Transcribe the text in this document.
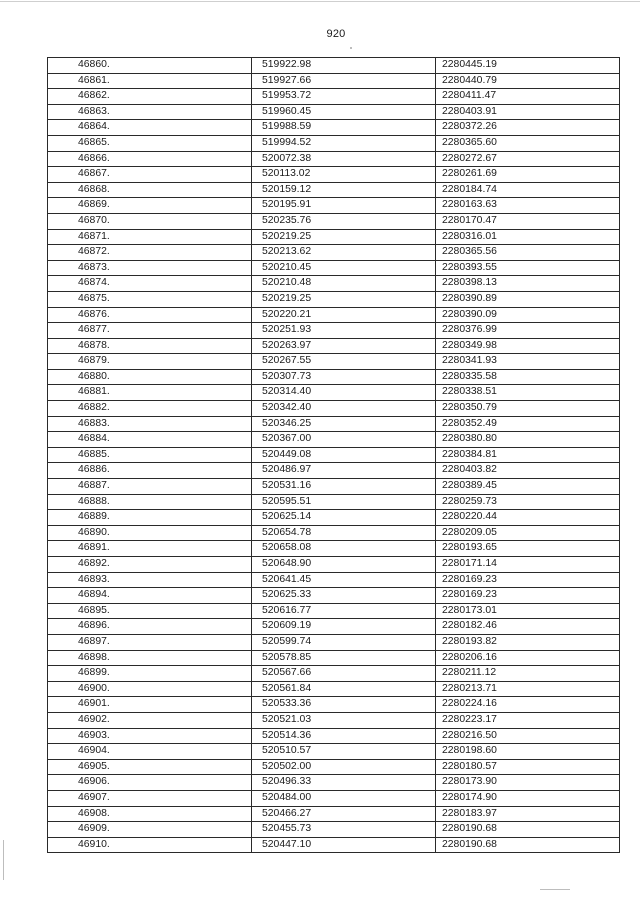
920
46860.	519922.98	2280445.19
46861.	519927.66	2280440.79
46862.	519953.72	2280411.47
46863.	519960.45	2280403.91
46864.	519988.59	2280372.26
46865.	519994.52	2280365.60
46866.	520072.38	2280272.67
46867.	520113.02	2280261.69
46868.	520159.12	2280184.74
46869.	520195.91	2280163.63
46870.	520235.76	2280170.47
46871.	520219.25	2280316.01
46872.	520213.62	2280365.56
46873.	520210.45	2280393.55
46874.	520210.48	2280398.13
46875.	520219.25	2280390.89
46876.	520220.21	2280390.09
46877.	520251.93	2280376.99
46878.	520263.97	2280349.98
46879.	520267.55	2280341.93
46880.	520307.73	2280335.58
46881.	520314.40	2280338.51
46882.	520342.40	2280350.79
46883.	520346.25	2280352.49
46884.	520367.00	2280380.80
46885.	520449.08	2280384.81
46886.	520486.97	2280403.82
46887.	520531.16	2280389.45
46888.	520595.51	2280259.73
46889.	520625.14	2280220.44
46890.	520654.78	2280209.05
46891.	520658.08	2280193.65
46892.	520648.90	2280171.14
46893.	520641.45	2280169.23
46894.	520625.33	2280169.23
46895.	520616.77	2280173.01
46896.	520609.19	2280182.46
46897.	520599.74	2280193.82
46898.	520578.85	2280206.16
46899.	520567.66	2280211.12
46900.	520561.84	2280213.71
46901.	520533.36	2280224.16
46902.	520521.03	2280223.17
46903.	520514.36	2280216.50
46904.	520510.57	2280198.60
46905.	520502.00	2280180.57
46906.	520496.33	2280173.90
46907.	520484.00	2280174.90
46908.	520466.27	2280183.97
46909.	520455.73	2280190.68
46910.	520447.10	2280190.68
